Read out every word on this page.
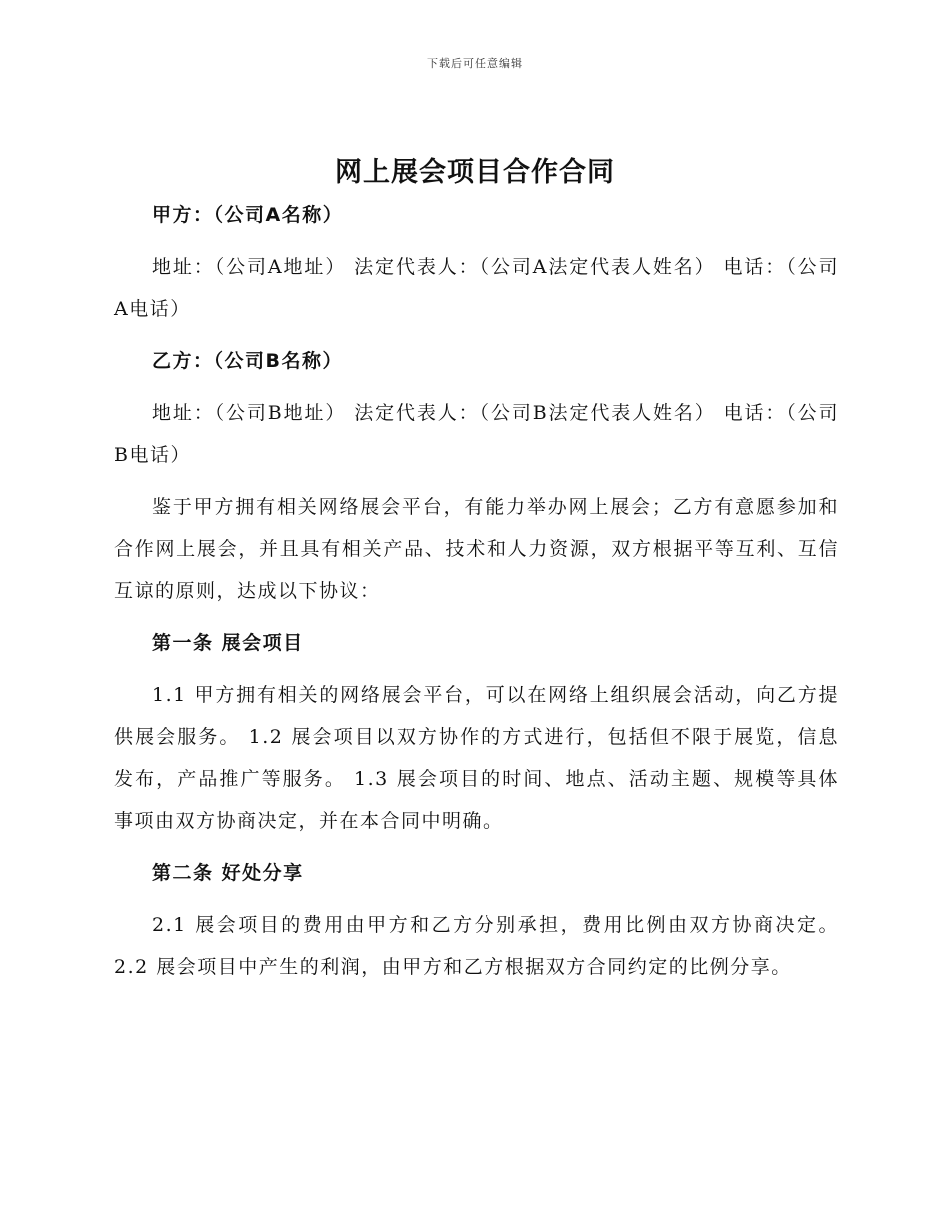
下载后可任意编辑
网上展会项目合作合同

甲方：（公司A名称）

地址：（公司A地址） 法定代表人：（公司A法定代表人姓名） 电话：（公司A电话）

乙方：（公司B名称）

地址：（公司B地址） 法定代表人：（公司B法定代表人姓名） 电话：（公司B电话）

鉴于甲方拥有相关网络展会平台，有能力举办网上展会；乙方有意愿参加和合作网上展会，并且具有相关产品、技术和人力资源，双方根据平等互利、互信互谅的原则，达成以下协议：

第一条 展会项目

1.1 甲方拥有相关的网络展会平台，可以在网络上组织展会活动，向乙方提供展会服务。 1.2 展会项目以双方协作的方式进行，包括但不限于展览，信息发布，产品推广等服务。 1.3 展会项目的时间、地点、活动主题、规模等具体事项由双方协商决定，并在本合同中明确。

第二条 好处分享

2.1 展会项目的费用由甲方和乙方分别承担，费用比例由双方协商决定。2.2 展会项目中产生的利润，由甲方和乙方根据双方合同约定的比例分享。
